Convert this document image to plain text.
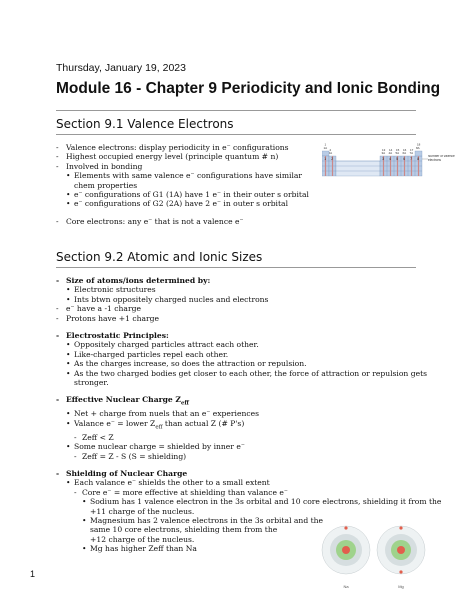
Thursday, January 19, 2023
Module 16 - Chapter 9 Periodicity and Ionic Bonding
Section 9.1 Valence Electrons
- Valence electrons: display periodicity in e⁻ configurations
- Highest occupied energy level (principle quantum # n)
- Involved in bonding
• Elements with same valence e⁻ configurations have similar
chem properties
• e⁻ configurations of G1 (1A) have 1 e⁻ in their outer s orbital
• e⁻ configurations of G2 (2A) have 2 e⁻ in outer s orbital
- Core electrons: any e⁻ that is not a valence e⁻
1
2	13 14 15 16 17
18
1A
2A	3A 4A 5A 6A 7A
8A
1 2	3 4 5 6 7 8
Number of valence electrons
Section 9.2 Atomic and Ionic Sizes
- Size of atoms/ions determined by:
• Electronic structures
• Ints btwn oppositely charged nucles and electrons
- e⁻ have a -1 charge
- Protons have +1 charge
- Electrostatic Principles:
• Oppositely charged particles attract each other.
• Like-charged particles repel each other.
• As the charges increase, so does the attraction or repulsion.
• As the two charged bodies get closer to each other, the force of attraction or repulsion gets
stronger.
- Effective Nuclear Charge $Z_{eff}$
• Net + charge from nuels that an e⁻ experiences
• Valance e⁻ = lower $Z_{eff}$ than actual Z (# P's)
- Zeff < Z
• Some nuclear charge = shielded by inner e⁻
- Zeff = Z - S (S = shielding)
- Shielding of Nuclear Charge
• Each valance e⁻ shields the other to a small extent
- Core e⁻ = more effective at shielding than valance e⁻
• Sodium has 1 valence electron in the 3s orbital and 10 core electrons, shielding it from the
+11 charge of the nucleus.
• Magnesium has 2 valence electrons in the 3s orbital and the
same 10 core electrons, shielding them from the
+12 charge of the nucleus.
• Mg has higher Zeff than Na
Na	Mg
1
